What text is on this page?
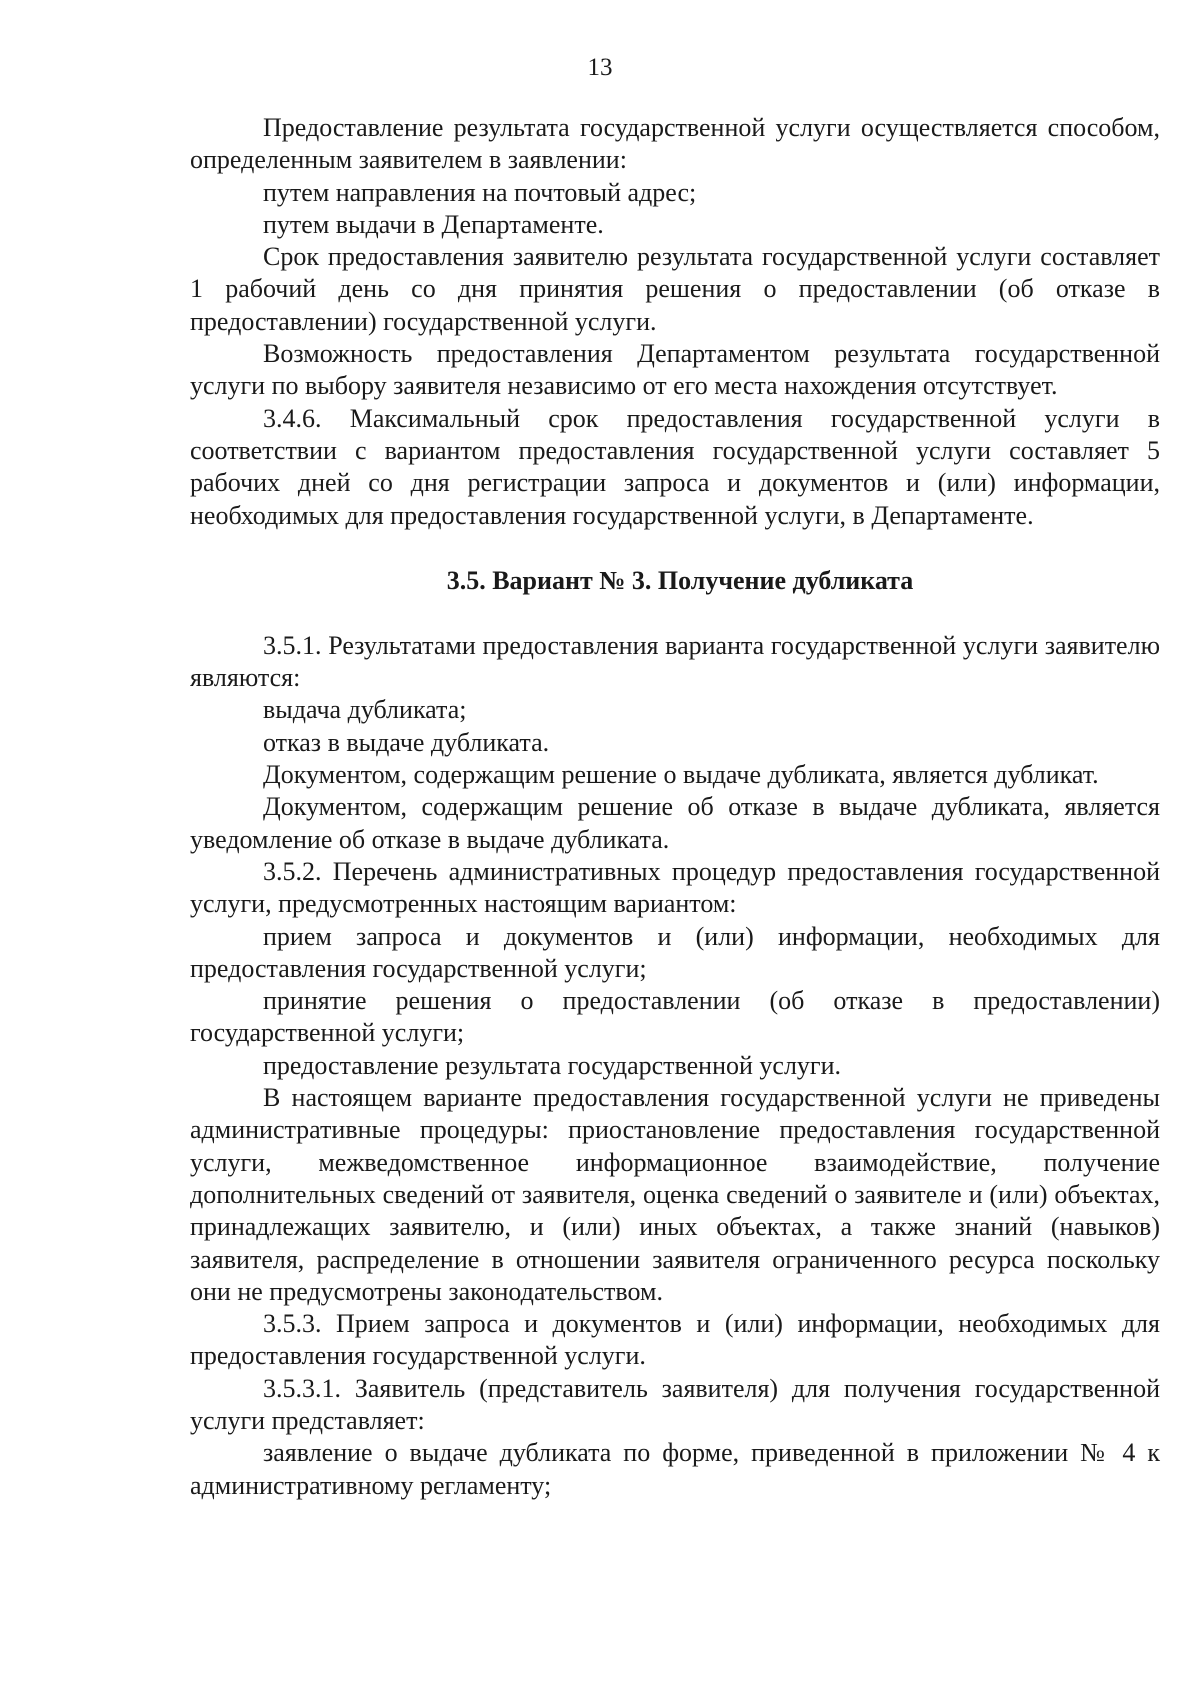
13

Предоставление результата государственной услуги осуществляется способом, определенным заявителем в заявлении:

путем направления на почтовый адрес;

путем выдачи в Департаменте.

Срок предоставления заявителю результата государственной услуги составляет 1 рабочий день со дня принятия решения о предоставлении (об отказе в предоставлении) государственной услуги.

Возможность предоставления Департаментом результата государственной услуги по выбору заявителя независимо от его места нахождения отсутствует.

3.4.6. Максимальный срок предоставления государственной услуги в соответствии с вариантом предоставления государственной услуги составляет 5 рабочих дней со дня регистрации запроса и документов и (или) информации, необходимых для предоставления государственной услуги, в Департаменте.

3.5. Вариант № 3. Получение дубликата

3.5.1. Результатами предоставления варианта государственной услуги заявителю являются:

выдача дубликата;

отказ в выдаче дубликата.

Документом, содержащим решение о выдаче дубликата, является дубликат.

Документом, содержащим решение об отказе в выдаче дубликата, является уведомление об отказе в выдаче дубликата.

3.5.2. Перечень административных процедур предоставления государственной услуги, предусмотренных настоящим вариантом:

прием запроса и документов и (или) информации, необходимых для предоставления государственной услуги;

принятие решения о предоставлении (об отказе в предоставлении) государственной услуги;

предоставление результата государственной услуги.

В настоящем варианте предоставления государственной услуги не приведены административные процедуры: приостановление предоставления государственной услуги, межведомственное информационное взаимодействие, получение дополнительных сведений от заявителя, оценка сведений о заявителе и (или) объектах, принадлежащих заявителю, и (или) иных объектах, а также знаний (навыков) заявителя, распределение в отношении заявителя ограниченного ресурса поскольку они не предусмотрены законодательством.

3.5.3. Прием запроса и документов и (или) информации, необходимых для предоставления государственной услуги.

3.5.3.1. Заявитель (представитель заявителя) для получения государственной услуги представляет:

заявление о выдаче дубликата по форме, приведенной в приложении № 4 к административному регламенту;
